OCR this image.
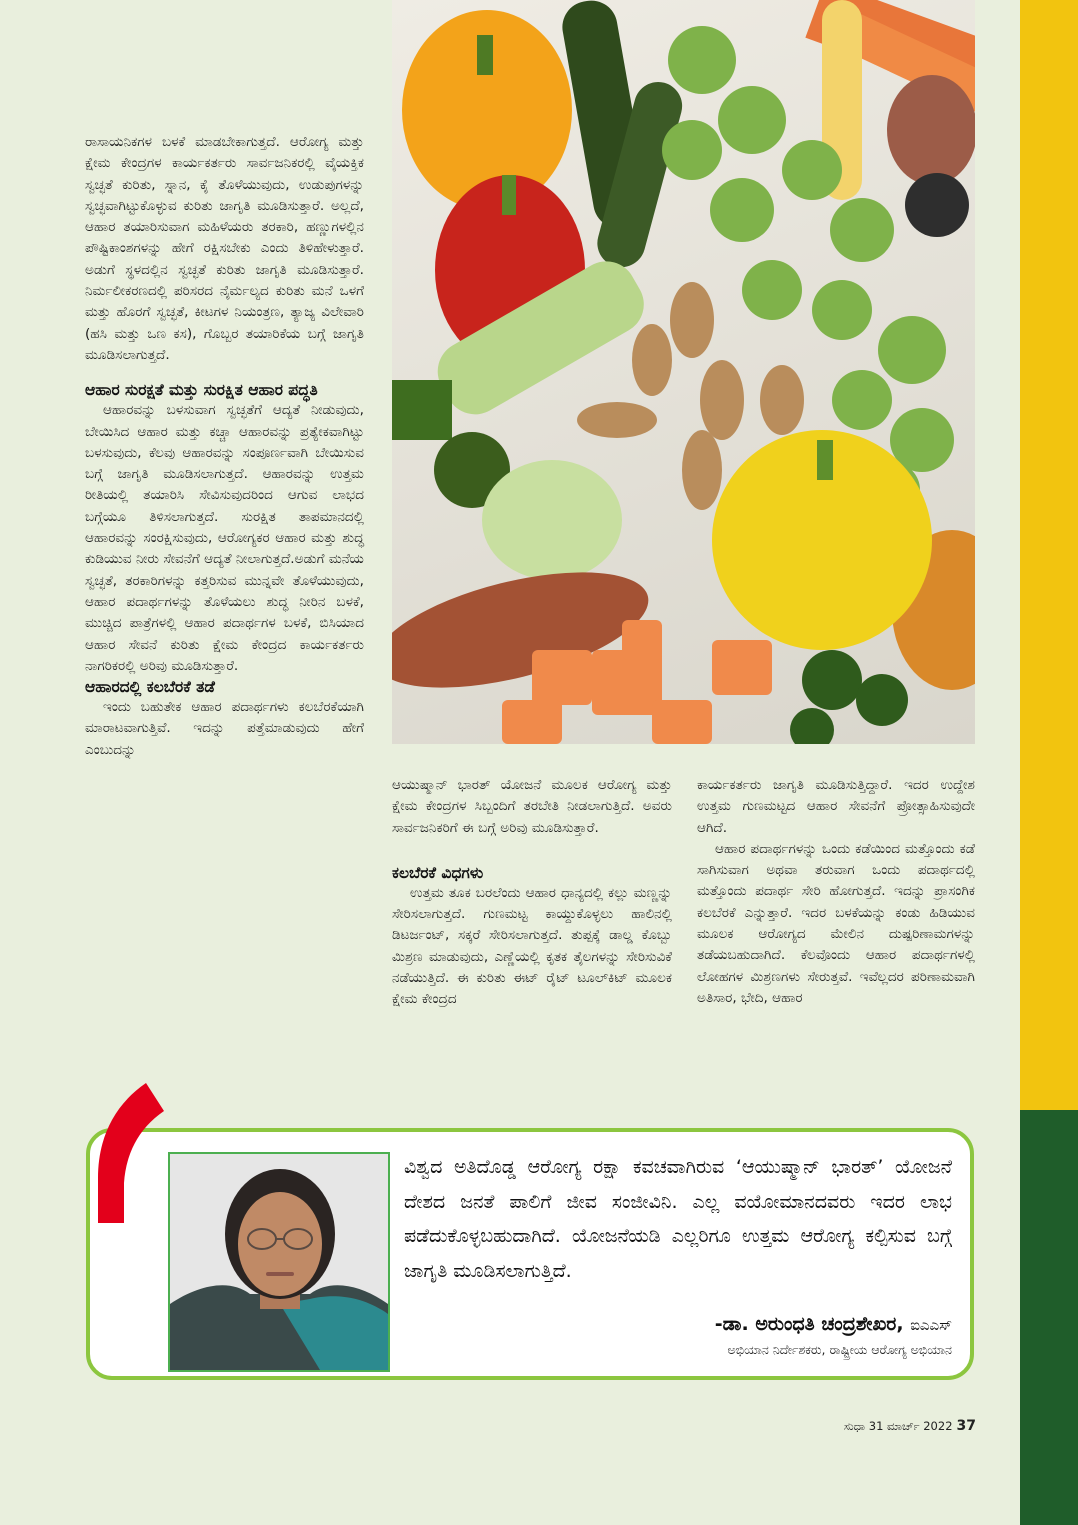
ರಾಸಾಯನಿಕಗಳ ಬಳಕೆ ಮಾಡಬೇಕಾಗುತ್ತದೆ. ಆರೋಗ್ಯ ಮತ್ತು ಕ್ಷೇಮ ಕೇಂದ್ರಗಳ ಕಾರ್ಯಕರ್ತರು ಸಾರ್ವಜನಿಕರಲ್ಲಿ ವೈಯಕ್ತಿಕ ಸ್ವಚ್ಛತೆ ಕುರಿತು, ಸ್ನಾನ, ಕೈ ತೊಳೆಯುವುದು, ಉಡುಪುಗಳನ್ನು ಸ್ವಚ್ಛವಾಗಿಟ್ಟುಕೊಳ್ಳುವ ಕುರಿತು ಜಾಗೃತಿ ಮೂಡಿಸುತ್ತಾರೆ. ಅಲ್ಲದೆ, ಆಹಾರ ತಯಾರಿಸುವಾಗ ಮಹಿಳೆಯರು ತರಕಾರಿ, ಹಣ್ಣುಗಳಲ್ಲಿನ ಪೌಷ್ಟಿಕಾಂಶಗಳನ್ನು ಹೇಗೆ ರಕ್ಷಿಸಬೇಕು ಎಂದು ತಿಳಿಹೇಳುತ್ತಾರೆ. ಅಡುಗೆ ಸ್ಥಳದಲ್ಲಿನ ಸ್ವಚ್ಛತೆ ಕುರಿತು ಜಾಗೃತಿ ಮೂಡಿಸುತ್ತಾರೆ. ನಿರ್ಮಲೀಕರಣದಲ್ಲಿ ಪರಿಸರದ ನೈರ್ಮಲ್ಯದ ಕುರಿತು ಮನೆ ಒಳಗೆ ಮತ್ತು ಹೊರಗೆ ಸ್ವಚ್ಛತೆ, ಕೀಟಗಳ ನಿಯಂತ್ರಣ, ತ್ಯಾಜ್ಯ ವಿಲೇವಾರಿ (ಹಸಿ ಮತ್ತು ಒಣ ಕಸ), ಗೊಬ್ಬರ ತಯಾರಿಕೆಯ ಬಗ್ಗೆ ಜಾಗೃತಿ ಮೂಡಿಸಲಾಗುತ್ತದೆ.

ಆಹಾರ ಸುರಕ್ಷತೆ ಮತ್ತು ಸುರಕ್ಷಿತ ಆಹಾರ ಪದ್ಧತಿ

ಆಹಾರವನ್ನು ಬಳಸುವಾಗ ಸ್ವಚ್ಛತೆಗೆ ಆದ್ಯತೆ ನೀಡುವುದು, ಬೇಯಿಸಿದ ಆಹಾರ ಮತ್ತು ಕಚ್ಚಾ ಆಹಾರವನ್ನು ಪ್ರತ್ಯೇಕವಾಗಿಟ್ಟು ಬಳಸುವುದು, ಕೆಲವು ಆಹಾರವನ್ನು ಸಂಪೂರ್ಣವಾಗಿ ಬೇಯಿಸುವ ಬಗ್ಗೆ ಜಾಗೃತಿ ಮೂಡಿಸಲಾಗುತ್ತದೆ. ಆಹಾರವನ್ನು ಉತ್ತಮ ರೀತಿಯಲ್ಲಿ ತಯಾರಿಸಿ ಸೇವಿಸುವುದರಿಂದ ಆಗುವ ಲಾಭದ ಬಗ್ಗೆಯೂ ತಿಳಿಸಲಾಗುತ್ತದೆ. ಸುರಕ್ಷಿತ ತಾಪಮಾನದಲ್ಲಿ ಆಹಾರವನ್ನು ಸಂರಕ್ಷಿಸುವುದು, ಆರೋಗ್ಯಕರ ಆಹಾರ ಮತ್ತು ಶುದ್ಧ ಕುಡಿಯುವ ನೀರು ಸೇವನೆಗೆ ಆದ್ಯತೆ ನೀಲಾಗುತ್ತದೆ.ಅಡುಗೆ ಮನೆಯ ಸ್ವಚ್ಛತೆ, ತರಕಾರಿಗಳನ್ನು ಕತ್ತರಿಸುವ ಮುನ್ನವೇ ತೊಳೆಯುವುದು, ಆಹಾರ ಪದಾರ್ಥಗಳನ್ನು ತೊಳೆಯಲು ಶುದ್ಧ ನೀರಿನ ಬಳಕೆ, ಮುಚ್ಚಿದ ಪಾತ್ರೆಗಳಲ್ಲಿ ಆಹಾರ ಪದಾರ್ಥಗಳ ಬಳಕೆ, ಬಿಸಿಯಾದ ಆಹಾರ ಸೇವನೆ ಕುರಿತು ಕ್ಷೇಮ ಕೇಂದ್ರದ ಕಾರ್ಯಕರ್ತರು ನಾಗರಿಕರಲ್ಲಿ ಅರಿವು ಮೂಡಿಸುತ್ತಾರೆ.

ಆಹಾರದಲ್ಲಿ ಕಲಬೆರಕೆ ತಡೆ

ಇಂದು ಬಹುತೇಕ ಆಹಾರ ಪದಾರ್ಥಗಳು ಕಲಬೆರಕೆಯಾಗಿ ಮಾರಾಟವಾಗುತ್ತಿವೆ. ಇದನ್ನು ಪತ್ತೆಮಾಡುವುದು ಹೇಗೆ ಎಂಬುದನ್ನು

ಆಯುಷ್ಮಾನ್ ಭಾರತ್ ಯೋಜನೆ ಮೂಲಕ ಆರೋಗ್ಯ ಮತ್ತು ಕ್ಷೇಮ ಕೇಂದ್ರಗಳ ಸಿಬ್ಬಂದಿಗೆ ತರಬೇತಿ ನೀಡಲಾಗುತ್ತಿದೆ. ಅವರು ಸಾರ್ವಜನಿಕರಿಗೆ ಈ ಬಗ್ಗೆ ಅರಿವು ಮೂಡಿಸುತ್ತಾರೆ.

ಕಲಬೆರಕೆ ವಿಧಗಳು

ಉತ್ತಮ ತೂಕ ಬರಲೆಂದು ಆಹಾರ ಧಾನ್ಯದಲ್ಲಿ ಕಲ್ಲು ಮಣ್ಣನ್ನು ಸೇರಿಸಲಾಗುತ್ತದೆ. ಗುಣಮಟ್ಟ ಕಾಯ್ದುಕೊಳ್ಳಲು ಹಾಲಿನಲ್ಲಿ ಡಿಟರ್ಜಂಟ್, ಸಕ್ಕರೆ ಸೇರಿಸಲಾಗುತ್ತದೆ. ತುಪ್ಪಕ್ಕೆ ಡಾಲ್ಡ ಕೊಬ್ಬು ಮಿಶ್ರಣ ಮಾಡುವುದು, ಎಣ್ಣೆಯಲ್ಲಿ ಕೃತಕ ತೈಲಗಳನ್ನು ಸೇರಿಸುವಿಕೆ ನಡೆಯುತ್ತಿದೆ. ಈ ಕುರಿತು ಈಟ್ ರೈಟ್ ಟೂಲ್‌ಕಿಟ್ ಮೂಲಕ ಕ್ಷೇಮ ಕೇಂದ್ರದ

ಕಾರ್ಯಕರ್ತರು ಜಾಗೃತಿ ಮೂಡಿಸುತ್ತಿದ್ದಾರೆ. ಇದರ ಉದ್ದೇಶ ಉತ್ತಮ ಗುಣಮಟ್ಟದ ಆಹಾರ ಸೇವನೆಗೆ ಪ್ರೋತ್ಸಾಹಿಸುವುದೇ ಆಗಿದೆ.

ಆಹಾರ ಪದಾರ್ಥಗಳನ್ನು ಒಂದು ಕಡೆಯಿಂದ ಮತ್ತೊಂದು ಕಡೆ ಸಾಗಿಸುವಾಗ ಅಥವಾ ತರುವಾಗ ಒಂದು ಪದಾರ್ಥದಲ್ಲಿ ಮತ್ತೊಂದು ಪದಾರ್ಥ ಸೇರಿ ಹೋಗುತ್ತದೆ. ಇದನ್ನು ಪ್ರಾಸಂಗಿಕ ಕಲಬೆರಕೆ ಎನ್ನುತ್ತಾರೆ. ಇದರ ಬಳಕೆಯನ್ನು ಕಂಡು ಹಿಡಿಯುವ ಮೂಲಕ ಆರೋಗ್ಯದ ಮೇಲಿನ ದುಷ್ಪರಿಣಾಮಗಳನ್ನು ತಡೆಯಬಹುದಾಗಿದೆ. ಕೆಲವೊಂದು ಆಹಾರ ಪದಾರ್ಥಗಳಲ್ಲಿ ಲೋಹಗಳ ಮಿಶ್ರಣಗಳು ಸೇರುತ್ತವೆ. ಇವೆಲ್ಲದರ ಪರಿಣಾಮವಾಗಿ ಅತಿಸಾರ, ಭೇದಿ, ಆಹಾರ

ವಿಶ್ವದ ಅತಿದೊಡ್ಡ ಆರೋಗ್ಯ ರಕ್ಷಾ ಕವಚವಾಗಿರುವ ‘ಆಯುಷ್ಮಾನ್ ಭಾರತ್’ ಯೋಜನೆ ದೇಶದ ಜನತೆ ಪಾಲಿಗೆ ಜೀವ ಸಂಜೀವಿನಿ. ಎಲ್ಲ ವಯೋಮಾನದವರು ಇದರ ಲಾಭ ಪಡೆದುಕೊಳ್ಳಬಹುದಾಗಿದೆ. ಯೋಜನೆಯಡಿ ಎಲ್ಲರಿಗೂ ಉತ್ತಮ ಆರೋಗ್ಯ ಕಲ್ಪಿಸುವ ಬಗ್ಗೆ ಜಾಗೃತಿ ಮೂಡಿಸಲಾಗುತ್ತಿದೆ.
-ಡಾ. ಅರುಂಧತಿ ಚಂದ್ರಶೇಖರ, ಐಎಎಸ್
ಅಭಿಯಾನ ನಿರ್ದೇಶಕರು, ರಾಷ್ಟ್ರೀಯ ಆರೋಗ್ಯ ಅಭಿಯಾನ
ಸುಧಾ 31 ಮಾರ್ಚ್ 2022 37
